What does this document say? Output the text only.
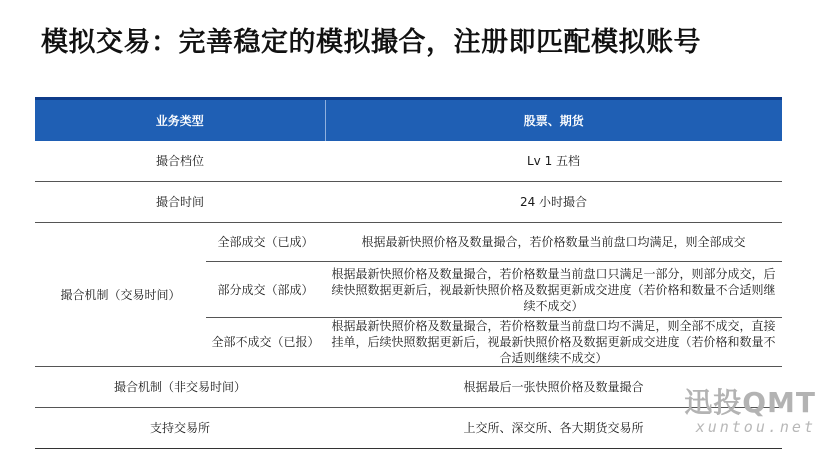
模拟交易：完善稳定的模拟撮合，注册即匹配模拟账号
业务类型		股票、期货
撮合档位		Lv 1 五档
撮合时间		24 小时撮合
撮合机制（交易时间）	全部成交（已成）	根据最新快照价格及数量撮合，若价格数量当前盘口均满足，则全部成交
	部分成交（部成）	根据最新快照价格及数量撮合，若价格数量当前盘口只满足一部分，则部分成交，后续快照数据更新后，视最新快照价格及数据更新成交进度（若价格和数量不合适则继续不成交）
	全部不成交（已报）	根据最新快照价格及数量撮合，若价格数量当前盘口均不满足，则全部不成交，直接挂单，后续快照数据更新后，视最新快照价格及数据更新成交进度（若价格和数量不合适则继续不成交）
撮合机制（非交易时间）		根据最后一张快照价格及数量撮合
支持交易所		上交所、深交所、各大期货交易所
迅投QMT
xuntou.net
